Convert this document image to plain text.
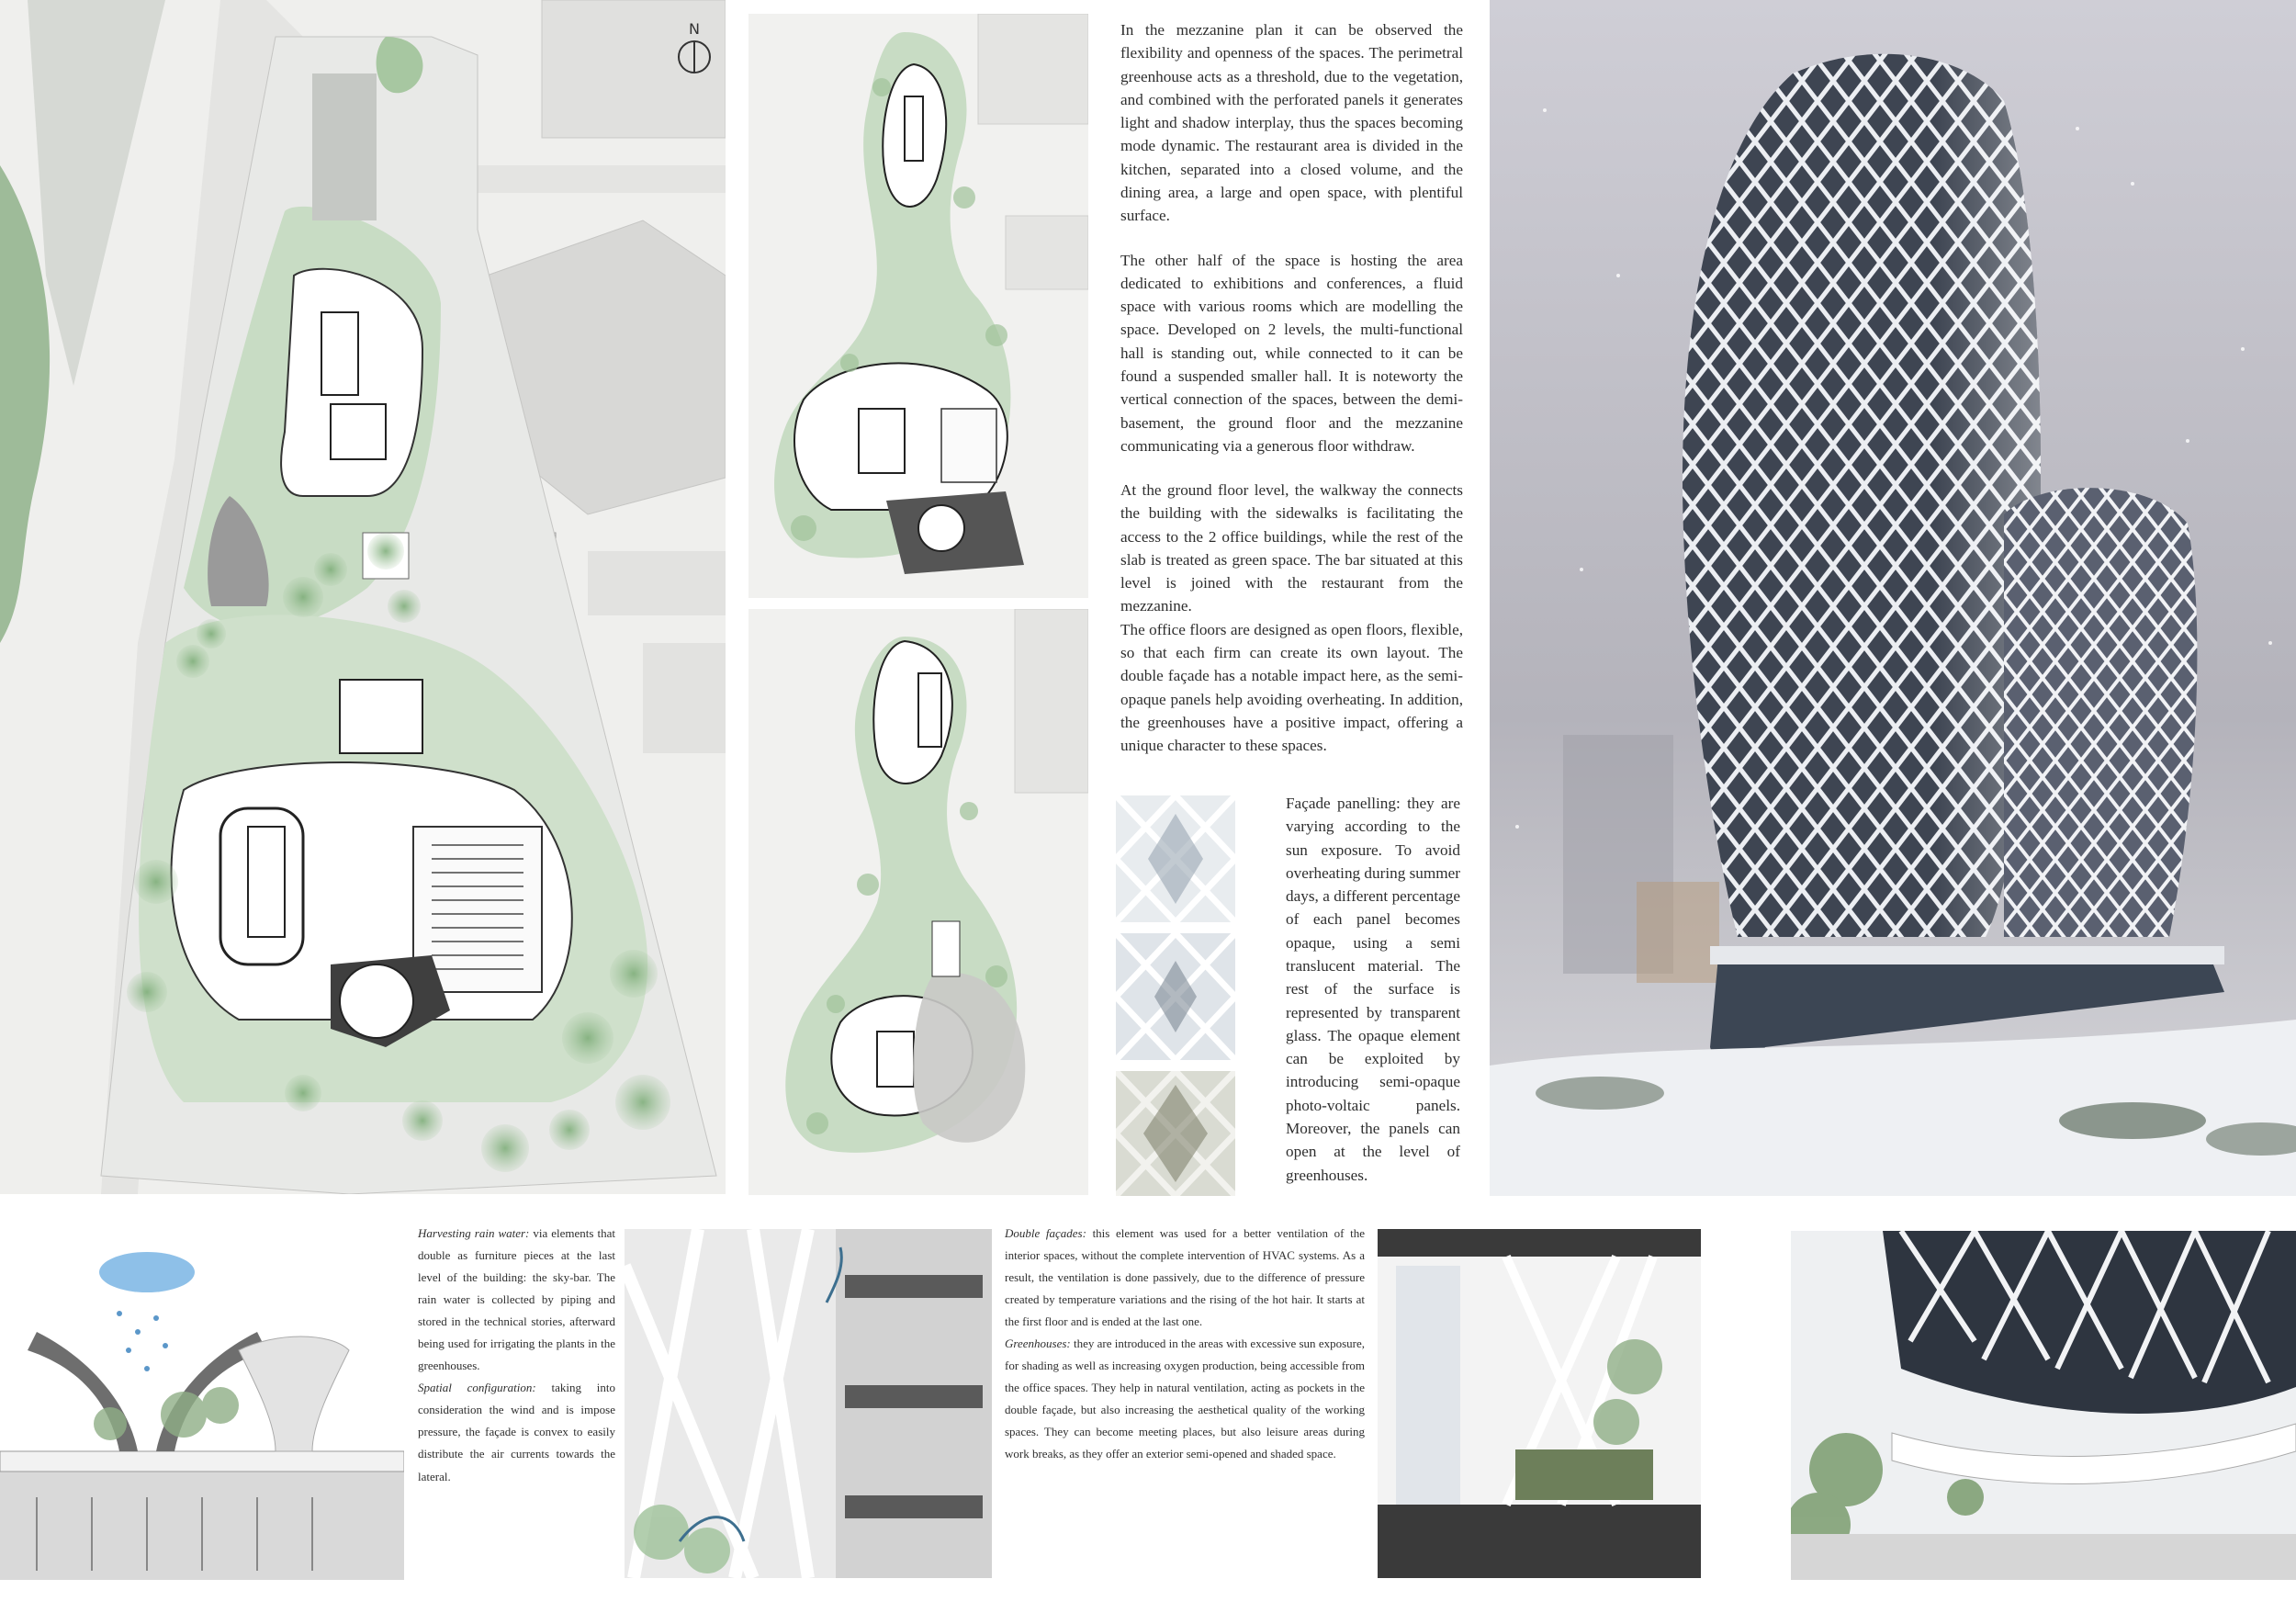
N	In the mezzanine plan it can be observed the flexibility and openness of the spaces. The perimetral greenhouse acts as a threshold, due to the vegetation, and combined with the perforated panels it generates light and shadow interplay, thus the spaces becoming mode dynamic. The restaurant area is divided in the kitchen, separated into a closed volume, and the dining area, a large and open space, with plentiful surface.

The other half of the space is hosting the area dedicated to exhibitions and conferences, a fluid space with various rooms which are modelling the space. Developed on 2 levels, the multi-functional hall is standing out, while connected to it can be found a suspended smaller hall. It is noteworty the vertical connection of the spaces, between the demi-basement, the ground floor and the mezzanine communicating via a generous floor withdraw.

At the ground floor level, the walkway the connects the building with the sidewalks is facilitating the access to the 2 office buildings, while the rest of the slab is treated as green space. The bar situated at this level is joined with the restaurant from the mezzanine.

The office floors are designed as open floors, flexible, so that each firm can create its own layout. The double façade has a notable impact here, as the semi-opaque panels help avoiding overheating. In addition, the greenhouses have a positive impact, offering a unique character to these spaces.

Façade panelling: they are varying according to the sun exposure. To avoid overheating during summer days, a different percentage of each panel becomes opaque, using a semi translucent material. The rest of the surface is represented by transparent glass. The opaque element can be exploited by introducing semi-opaque photo-voltaic panels. Moreover, the panels can open at the level of greenhouses.
Harvesting rain water: via elements that double as furniture pieces at the last level of the building: the sky-bar. The rain water is collected by piping and stored in the technical stories, afterward being used for irrigating the plants in the greenhouses.
Spatial configuration: taking into consideration the wind and is impose pressure, the façade is convex to easily distribute the air currents towards the lateral.
Double façades: this element was used for a better ventilation of the interior spaces, without the complete intervention of HVAC systems. As a result, the ventilation is done passively, due to the difference of pressure created by temperature variations and the rising of the hot hair. It starts at the first floor and is ended at the last one.
Greenhouses: they are introduced in the areas with excessive sun exposure, for shading as well as increasing oxygen production, being accessible from the office spaces. They help in natural ventilation, acting as pockets in the double façade, but also increasing the aesthetical quality of the working spaces. They can become meeting places, but also leisure areas during work breaks, as they offer an exterior semi-opened and shaded space.
